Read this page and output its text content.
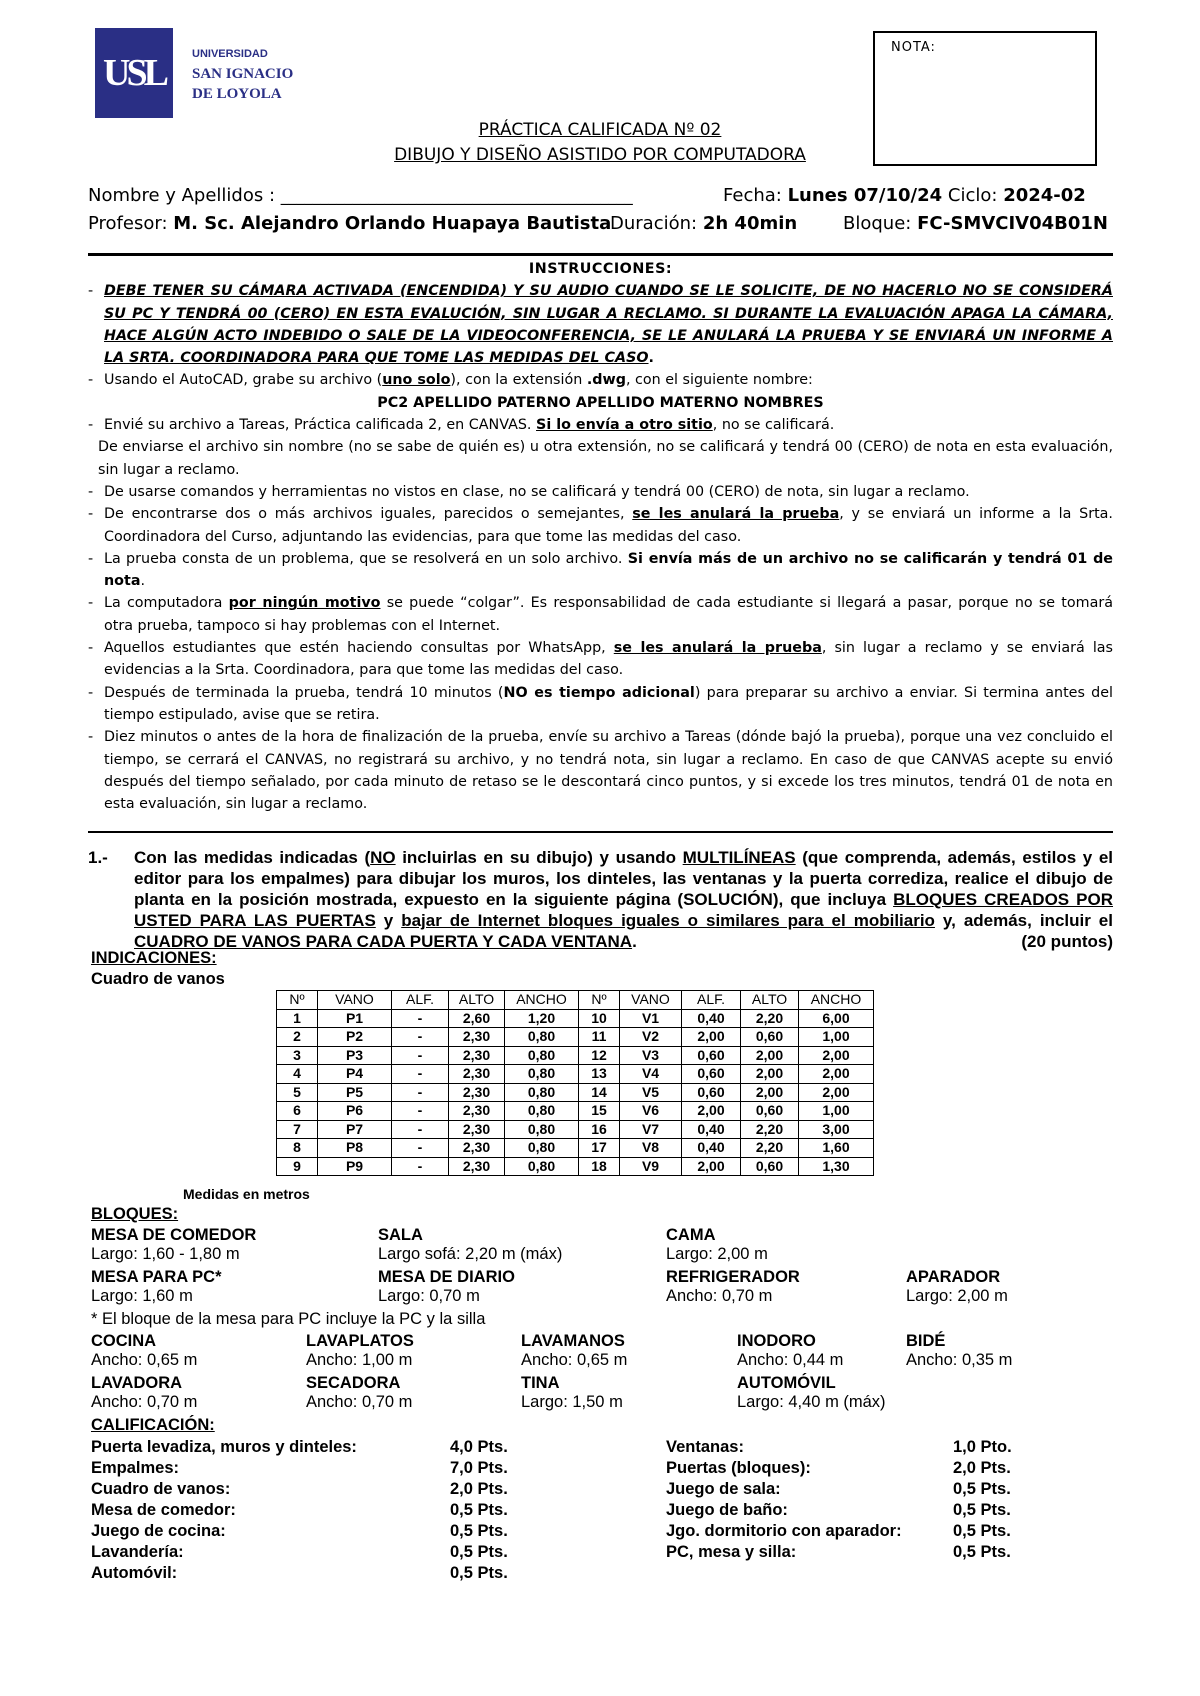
USL UNIVERSIDAD
SAN IGNACIO
DE LOYOLA
NOTA:
PRÁCTICA CALIFICADA Nº 02
DIBUJO Y DISEÑO ASISTIDO POR COMPUTADORA
Nombre y Apellidos : ____________________________________________	Fecha: Lunes 07/10/24 Ciclo: 2024-02
Profesor: M. Sc. Alejandro Orlando Huapaya Bautista
Duración: 2h 40min	Bloque: FC-SMVCIV04B01N
INSTRUCCIONES:
- DEBE TENER SU CÁMARA ACTIVADA (ENCENDIDA) Y SU AUDIO CUANDO SE LE SOLICITE, DE NO HACERLO NO SE CONSIDERÁ SU PC Y TENDRÁ 00 (CERO) EN ESTA EVALUCIÓN, SIN LUGAR A RECLAMO. SI DURANTE LA EVALUACIÓN APAGA LA CÁMARA, HACE ALGÚN ACTO INDEBIDO O SALE DE LA VIDEOCONFERENCIA, SE LE ANULARÁ LA PRUEBA Y SE ENVIARÁ UN INFORME A LA SRTA. COORDINADORA PARA QUE TOME LAS MEDIDAS DEL CASO.
- Usando el AutoCAD, grabe su archivo (uno solo), con la extensión .dwg, con el siguiente nombre:
PC2 APELLIDO PATERNO APELLIDO MATERNO NOMBRES
- Envié su archivo a Tareas, Práctica calificada 2, en CANVAS. Si lo envía a otro sitio, no se calificará.
De enviarse el archivo sin nombre (no se sabe de quién es) u otra extensión, no se calificará y tendrá 00 (CERO) de nota en esta evaluación, sin lugar a reclamo.
- De usarse comandos y herramientas no vistos en clase, no se calificará y tendrá 00 (CERO) de nota, sin lugar a reclamo.
- De encontrarse dos o más archivos iguales, parecidos o semejantes, se les anulará la prueba, y se enviará un informe a la Srta. Coordinadora del Curso, adjuntando las evidencias, para que tome las medidas del caso.
- La prueba consta de un problema, que se resolverá en un solo archivo. Si envía más de un archivo no se calificarán y tendrá 01 de nota.
- La computadora por ningún motivo se puede “colgar”. Es responsabilidad de cada estudiante si llegará a pasar, porque no se tomará otra prueba, tampoco si hay problemas con el Internet.
- Aquellos estudiantes que estén haciendo consultas por WhatsApp, se les anulará la prueba, sin lugar a reclamo y se enviará las evidencias a la Srta. Coordinadora, para que tome las medidas del caso.
- Después de terminada la prueba, tendrá 10 minutos (NO es tiempo adicional) para preparar su archivo a enviar. Si termina antes del tiempo estipulado, avise que se retira.
- Diez minutos o antes de la hora de finalización de la prueba, envíe su archivo a Tareas (dónde bajó la prueba), porque una vez concluido el tiempo, se cerrará el CANVAS, no registrará su archivo, y no tendrá nota, sin lugar a reclamo. En caso de que CANVAS acepte su envió después del tiempo señalado, por cada minuto de retaso se le descontará cinco puntos, y si excede los tres minutos, tendrá 01 de nota en esta evaluación, sin lugar a reclamo.
1.-	Con las medidas indicadas (NO incluirlas en su dibujo) y usando MULTILÍNEAS (que comprenda, además, estilos y el editor para los empalmes) para dibujar los muros, los dinteles, las ventanas y la puerta corrediza, realice el dibujo de planta en la posición mostrada, expuesto en la siguiente página (SOLUCIÓN), que incluya BLOQUES CREADOS POR USTED PARA LAS PUERTAS y bajar de Internet bloques iguales o similares para el mobiliario y, además, incluir el CUADRO DE VANOS PARA CADA PUERTA Y CADA VENTANA.	(20 puntos)
INDICACIONES:
Cuadro de vanos
Nº	VANO	ALF.	ALTO	ANCHO	Nº	VANO	ALF.	ALTO	ANCHO
1	P1	-	2,60	1,20	10	V1	0,40	2,20	6,00
2	P2	-	2,30	0,80	11	V2	2,00	0,60	1,00
3	P3	-	2,30	0,80	12	V3	0,60	2,00	2,00
4	P4	-	2,30	0,80	13	V4	0,60	2,00	2,00
5	P5	-	2,30	0,80	14	V5	0,60	2,00	2,00
6	P6	-	2,30	0,80	15	V6	2,00	0,60	1,00
7	P7	-	2,30	0,80	16	V7	0,40	2,20	3,00
8	P8	-	2,30	0,80	17	V8	0,40	2,20	1,60
9	P9	-	2,30	0,80	18	V9	2,00	0,60	1,30
Medidas en metros
BLOQUES:
MESA DE COMEDOR
Largo: 1,60 - 1,80 m
SALA
Largo sofá: 2,20 m (máx)
CAMA
Largo: 2,00 m
MESA PARA PC*
Largo: 1,60 m
MESA DE DIARIO
Largo: 0,70 m
REFRIGERADOR
Ancho: 0,70 m
APARADOR
Largo: 2,00 m
* El bloque de la mesa para PC incluye la PC y la silla
COCINA
Ancho: 0,65 m
LAVAPLATOS
Ancho: 1,00 m
LAVAMANOS
Ancho: 0,65 m
INODORO
Ancho: 0,44 m
BIDÉ
Ancho: 0,35 m
LAVADORA
Ancho: 0,70 m
SECADORA
Ancho: 0,70 m
TINA
Largo: 1,50 m
AUTOMÓVIL
Largo: 4,40 m (máx)
CALIFICACIÓN:
Puerta levadiza, muros y dinteles:	4,0 Pts.
Empalmes:	7,0 Pts.
Cuadro de vanos:	2,0 Pts.
Mesa de comedor:	0,5 Pts.
Juego de cocina:	0,5 Pts.
Lavandería:	0,5 Pts.
Automóvil:	0,5 Pts.
Ventanas:	1,0 Pto.
Puertas (bloques):	2,0 Pts.
Juego de sala:	0,5 Pts.
Juego de baño:	0,5 Pts.
Jgo. dormitorio con aparador:	0,5 Pts.
PC, mesa y silla:	0,5 Pts.
